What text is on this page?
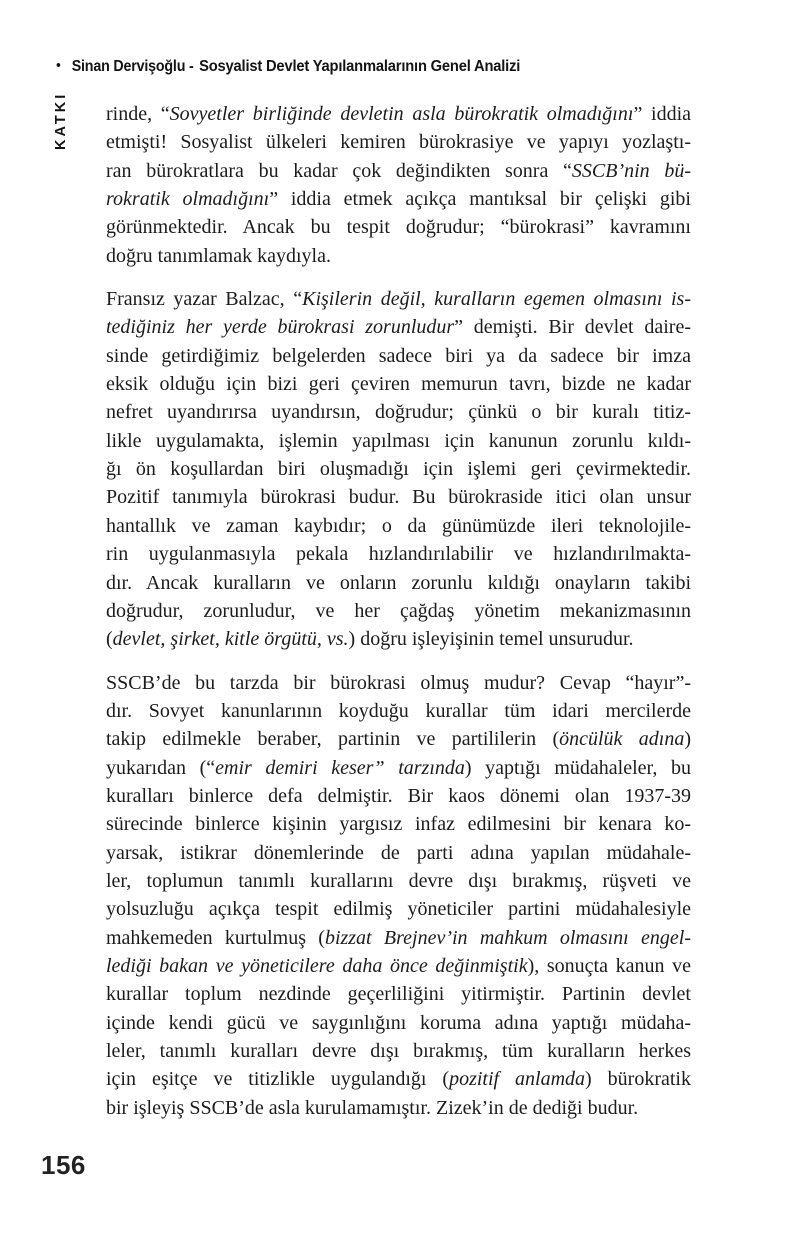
• Sinan Dervişoğlu - Sosyalist Devlet Yapılanmalarının Genel Analizi
KATKI rinde, “Sovyetler birliğinde devletin asla bürokratik olmadığını” iddia
etmişti! Sosyalist ülkeleri kemiren bürokrasiye ve yapıyı yozlaştı-
ran bürokratlara bu kadar çok değindikten sonra “SSCB’nin bü-
rokratik olmadığını” iddia etmek açıkça mantıksal bir çelişki gibi
görünmektedir. Ancak bu tespit doğrudur; “bürokrasi” kavramını
doğru tanımlamak kaydıyla.
Fransız yazar Balzac, “Kişilerin değil, kuralların egemen olmasını is-
tediğiniz her yerde bürokrasi zorunludur” demişti. Bir devlet daire-
sinde getirdiğimiz belgelerden sadece biri ya da sadece bir imza
eksik olduğu için bizi geri çeviren memurun tavrı, bizde ne kadar
nefret uyandırırsa uyandırsın, doğrudur; çünkü o bir kuralı titiz-
likle uygulamakta, işlemin yapılması için kanunun zorunlu kıldı-
ğı ön koşullardan biri oluşmadığı için işlemi geri çevirmektedir.
Pozitif tanımıyla bürokrasi budur. Bu bürokraside itici olan unsur
hantallık ve zaman kaybıdır; o da günümüzde ileri teknolojile-
rin uygulanmasıyla pekala hızlandırılabilir ve hızlandırılmakta-
dır. Ancak kuralların ve onların zorunlu kıldığı onayların takibi
doğrudur, zorunludur, ve her çağdaş yönetim mekanizmasının
(devlet, şirket, kitle örgütü, vs.) doğru işleyişinin temel unsurudur.
SSCB’de bu tarzda bir bürokrasi olmuş mudur? Cevap “hayır”-
dır. Sovyet kanunlarının koyduğu kurallar tüm idari mercilerde
takip edilmekle beraber, partinin ve partililerin (öncülük adına)
yukarıdan (“emir demiri keser” tarzında) yaptığı müdahaleler, bu
kuralları binlerce defa delmiştir. Bir kaos dönemi olan 1937-39
sürecinde binlerce kişinin yargısız infaz edilmesini bir kenara ko-
yarsak, istikrar dönemlerinde de parti adına yapılan müdahale-
ler, toplumun tanımlı kurallarını devre dışı bırakmış, rüşveti ve
yolsuzluğu açıkça tespit edilmiş yöneticiler partini müdahalesiyle
mahkemeden kurtulmuş (bizzat Brejnev’in mahkum olmasını engel-
lediği bakan ve yöneticilere daha önce değinmiştik), sonuçta kanun ve
kurallar toplum nezdinde geçerliliğini yitirmiştir. Partinin devlet
içinde kendi gücü ve saygınlığını koruma adına yaptığı müdaha-
leler, tanımlı kuralları devre dışı bırakmış, tüm kuralların herkes
için eşitçe ve titizlikle uygulandığı (pozitif anlamda) bürokratik
bir işleyiş SSCB’de asla kurulamamıştır. Zizek’in de dediği budur.
156
